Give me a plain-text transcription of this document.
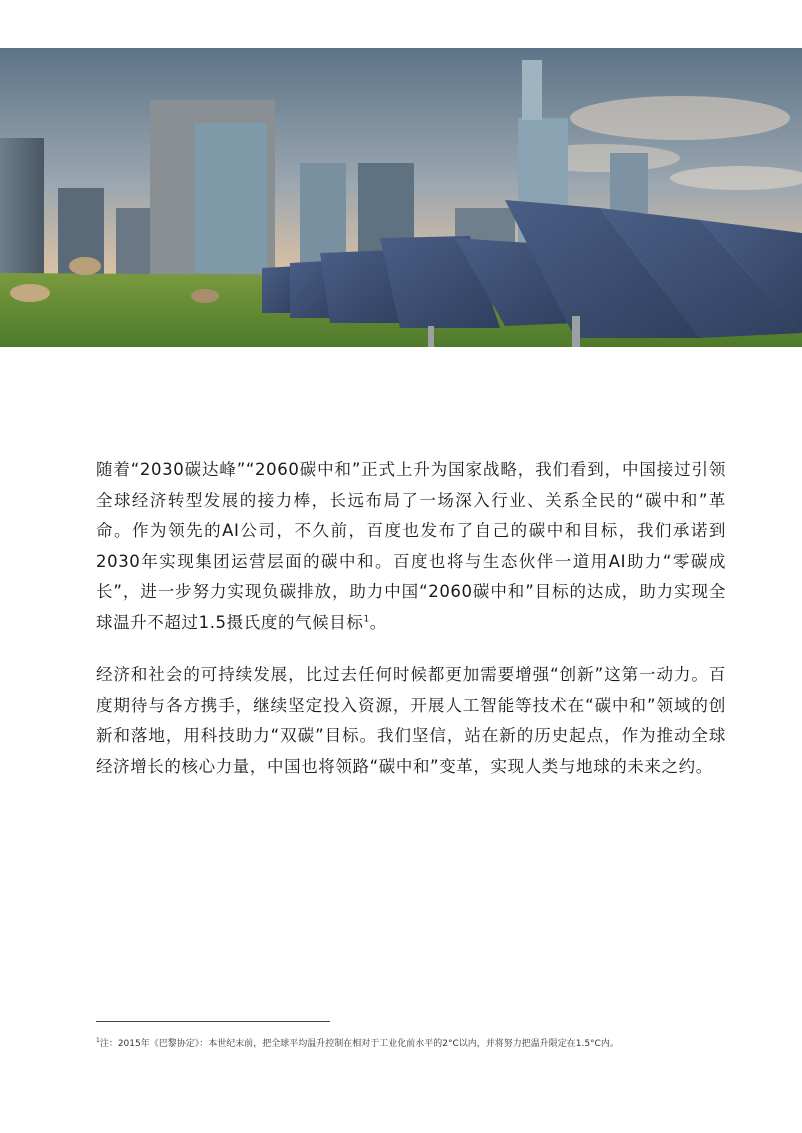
随着“2030碳达峰”“2060碳中和”正式上升为国家战略，我们看到，中国接过引领全球经济转型发展的接力棒，长远布局了一场深入行业、关系全民的“碳中和”革命。作为领先的AI公司，不久前，百度也发布了自己的碳中和目标，我们承诺到2030年实现集团运营层面的碳中和。百度也将与生态伙伴一道用AI助力“零碳成长”，进一步努力实现负碳排放，助力中国“2060碳中和”目标的达成，助力实现全球温升不超过1.5摄氏度的气候目标$^1$。

经济和社会的可持续发展，比过去任何时候都更加需要增强“创新”这第一动力。百度期待与各方携手，继续坚定投入资源，开展人工智能等技术在“碳中和”领域的创新和落地，用科技助力“双碳”目标。我们坚信，站在新的历史起点，作为推动全球经济增长的核心力量，中国也将领路“碳中和”变革，实现人类与地球的未来之约。

$^1$注：2015年《巴黎协定》：本世纪末前，把全球平均温升控制在相对于工业化前水平的2°C以内，并将努力把温升限定在1.5°C内。
